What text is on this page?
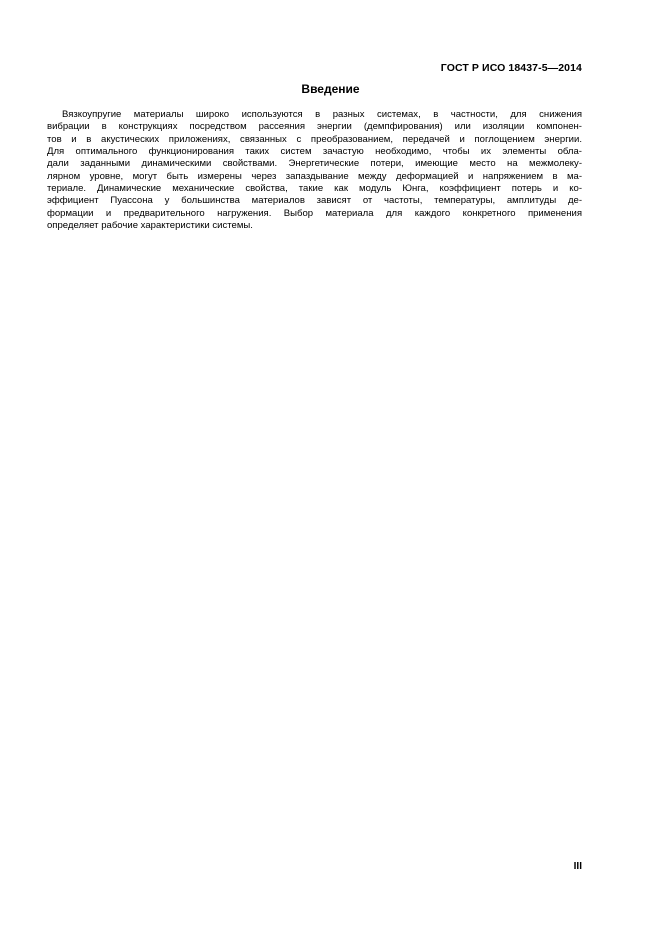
ГОСТ Р ИСО 18437-5—2014
Введение
Вязкоупругие материалы широко используются в разных системах, в частности, для снижения
вибрации в конструкциях посредством рассеяния энергии (демпфирования) или изоляции компонен-
тов и в акустических приложениях, связанных с преобразованием, передачей и поглощением энергии.
Для оптимального функционирования таких систем зачастую необходимо, чтобы их элементы обла-
дали заданными динамическими свойствами. Энергетические потери, имеющие место на межмолеку-
лярном уровне, могут быть измерены через запаздывание между деформацией и напряжением в ма-
териале. Динамические механические свойства, такие как модуль Юнга, коэффициент потерь и ко-
эффициент Пуассона у большинства материалов зависят от частоты, температуры, амплитуды де-
формации и предварительного нагружения. Выбор материала для каждого конкретного применения
определяет рабочие характеристики системы.
III
